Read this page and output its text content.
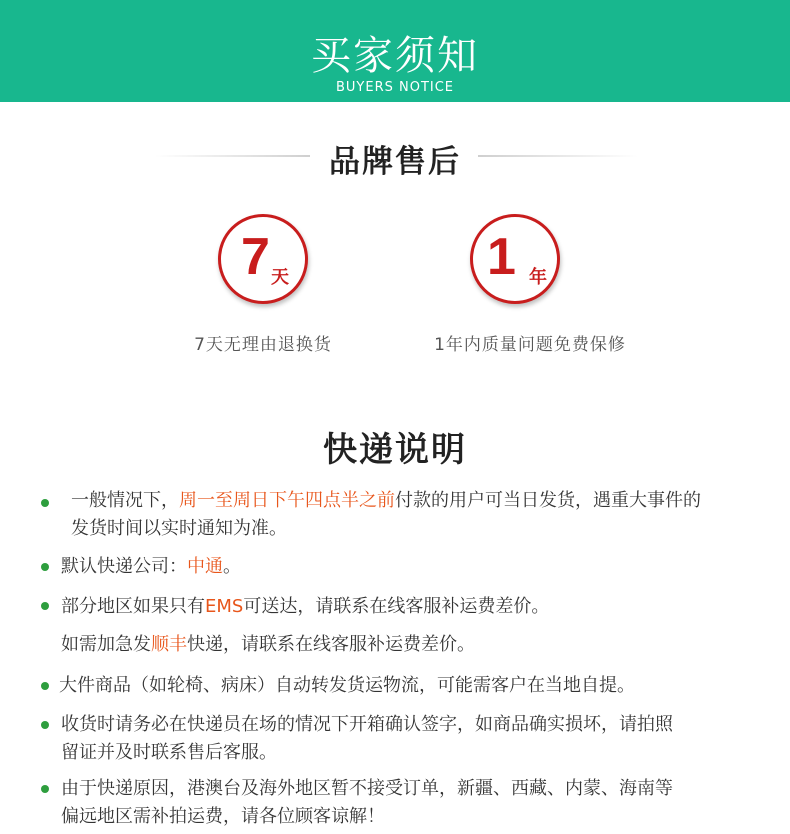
买家须知
BUYERS NOTICE
品牌售后
7 天
7天无理由退换货
1 年
1年内质量问题免费保修
快递说明
一般情况下，周一至周日下午四点半之前付款的用户可当日发货，遇重大事件的
发货时间以实时通知为准。
默认快递公司：中通。
部分地区如果只有EMS可送达，请联系在线客服补运费差价。
如需加急发顺丰快递，请联系在线客服补运费差价。
大件商品（如轮椅、病床）自动转发货运物流，可能需客户在当地自提。
收货时请务必在快递员在场的情况下开箱确认签字，如商品确实损坏，请拍照
留证并及时联系售后客服。
由于快递原因，港澳台及海外地区暂不接受订单，新疆、西藏、内蒙、海南等
偏远地区需补拍运费，请各位顾客谅解！
